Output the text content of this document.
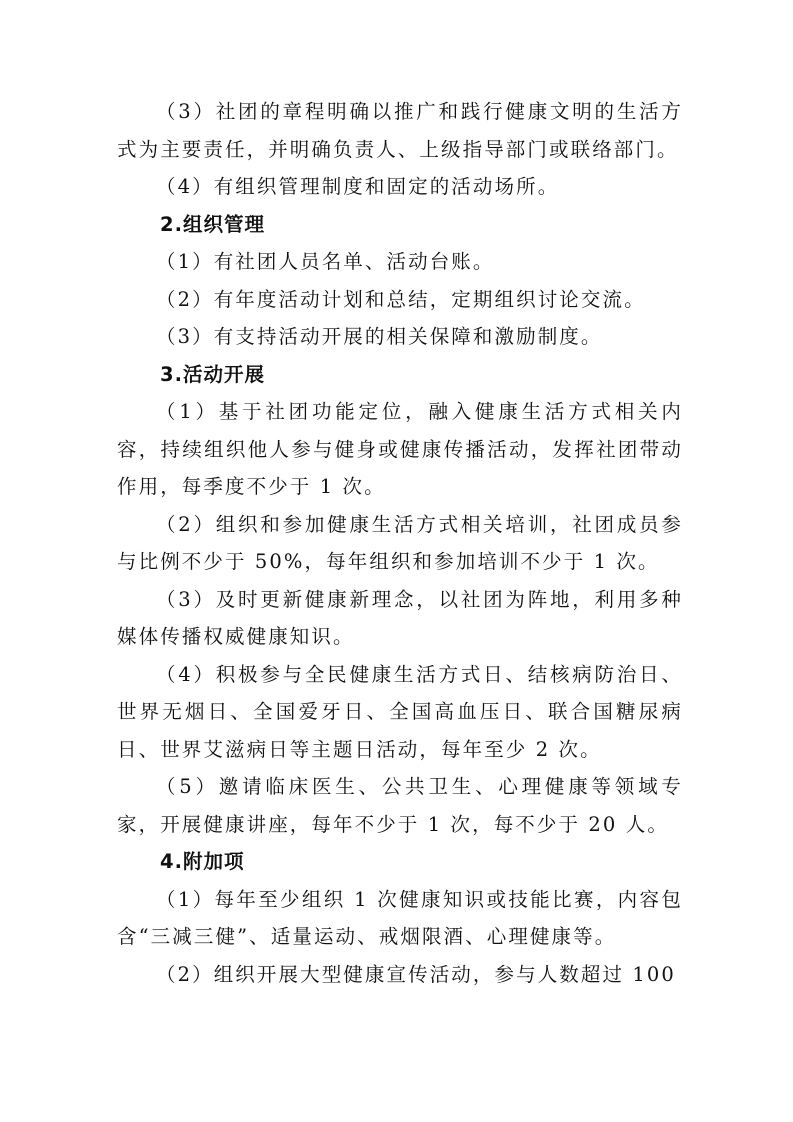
（3）社团的章程明确以推广和践行健康文明的生活方式为主要责任，并明确负责人、上级指导部门或联络部门。

（4）有组织管理制度和固定的活动场所。

2.组织管理

（1）有社团人员名单、活动台账。

（2）有年度活动计划和总结，定期组织讨论交流。

（3）有支持活动开展的相关保障和激励制度。

3.活动开展

（1）基于社团功能定位，融入健康生活方式相关内容，持续组织他人参与健身或健康传播活动，发挥社团带动作用，每季度不少于 1 次。

（2）组织和参加健康生活方式相关培训，社团成员参与比例不少于 50%，每年组织和参加培训不少于 1 次。

（3）及时更新健康新理念，以社团为阵地，利用多种媒体传播权威健康知识。

（4）积极参与全民健康生活方式日、结核病防治日、世界无烟日、全国爱牙日、全国高血压日、联合国糖尿病日、世界艾滋病日等主题日活动，每年至少 2 次。

（5）邀请临床医生、公共卫生、心理健康等领域专家，开展健康讲座，每年不少于 1 次，每不少于 20 人。

4.附加项

（1）每年至少组织 1 次健康知识或技能比赛，内容包含“三减三健”、适量运动、戒烟限酒、心理健康等。

（2）组织开展大型健康宣传活动，参与人数超过 100
